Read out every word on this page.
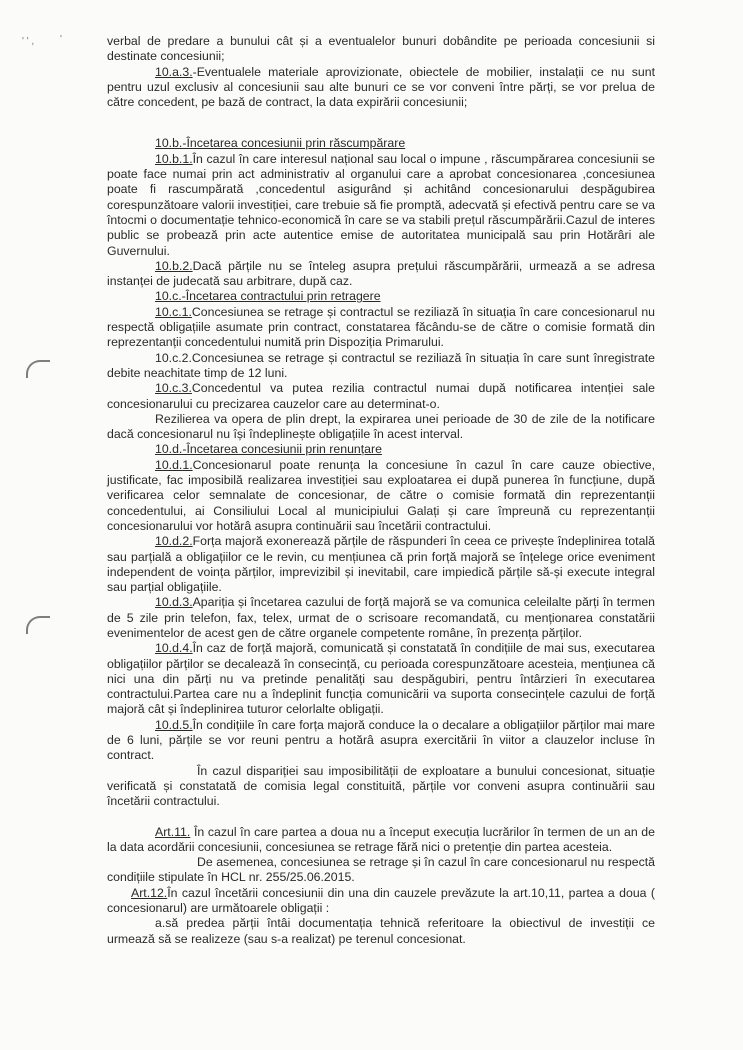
' ' ,	'	verbal de predare a bunului cât și a eventualelor bunuri dobândite pe perioada concesiunii si destinate concesiunii;

10.a.3.-Eventualele materiale aprovizionate, obiectele de mobilier, instalații ce nu sunt pentru uzul exclusiv al concesiunii sau alte bunuri ce se vor conveni între părți, se vor prelua de către concedent, pe bază de contract, la data expirării concesiunii;

10.b.-Încetarea concesiunii prin răscumpărare

10.b.1.În cazul în care interesul național sau local o impune , răscumpărarea concesiunii se poate face numai prin act administrativ al organului care a aprobat concesionarea ,concesiunea poate fi rascumpărată ,concedentul asigurând și achitând concesionarului despăgubirea corespunzătoare valorii investiției, care trebuie să fie promptă, adecvată și efectivă pentru care se va întocmi o documentație tehnico-economică în care se va stabili prețul răscumpărării.Cazul de interes public se probează prin acte autentice emise de autoritatea municipală sau prin Hotărâri ale Guvernului.

10.b.2.Dacă părțile nu se înteleg asupra prețului răscumpărării, urmează a se adresa instanței de judecată sau arbitrare, după caz.

10.c.-Încetarea contractului prin retragere

10.c.1.Concesiunea se retrage și contractul se reziliază în situația în care concesionarul nu respectă obligațiile asumate prin contract, constatarea făcându-se de către o comisie formată din reprezentanții concedentului numită prin Dispoziția Primarului.

10.c.2.Concesiunea se retrage și contractul se reziliază în situația în care sunt înregistrate debite neachitate timp de 12 luni.

10.c.3.Concedentul va putea rezilia contractul numai după notificarea intenției sale concesionarului cu precizarea cauzelor care au determinat-o.

Rezilierea va opera de plin drept, la expirarea unei perioade de 30 de zile de la notificare dacă concesionarul nu își îndeplinește obligațiile în acest interval.

10.d.-Încetarea concesiunii prin renunțare

10.d.1.Concesionarul poate renunța la concesiune în cazul în care cauze obiective, justificate, fac imposibilă realizarea investiției sau exploatarea ei după punerea în funcțiune, după verificarea celor semnalate de concesionar, de către o comisie formată din reprezentanții concedentului, ai Consiliului Local al municipiului Galați și care împreună cu reprezentanții concesionarului vor hotărâ asupra continuării sau încetării contractului.

10.d.2.Forța majoră exonerează părțile de răspunderi în ceea ce privește îndeplinirea totală sau parțială a obligațiilor ce le revin, cu mențiunea că prin forță majoră se înțelege orice eveniment independent de voința părților, imprevizibil și inevitabil, care impiedică părțile să-și execute integral sau parțial obligațiile.

10.d.3.Apariția și încetarea cazului de forță majoră se va comunica celeilalte părți în termen de 5 zile prin telefon, fax, telex, urmat de o scrisoare recomandată, cu menționarea constatării evenimentelor de acest gen de către organele competente române, în prezența părților.

10.d.4.În caz de forță majoră, comunicată și constatată în condițiile de mai sus, executarea obligațiilor părților se decalează în consecință, cu perioada corespunzătoare acesteia, mențiunea că nici una din părți nu va pretinde penalități sau despăgubiri, pentru întârzieri în executarea contractului.Partea care nu a îndeplinit funcția comunicării va suporta consecințele cazului de forță majoră cât și îndeplinirea tuturor celorlalte obligații.

10.d.5.În condițiile în care forța majoră conduce la o decalare a obligațiilor părților mai mare de 6 luni, părțile se vor reuni pentru a hotărâ asupra exercitării în viitor a clauzelor incluse în contract.

În cazul dispariției sau imposibilității de exploatare a bunului concesionat, situație verificată și constatată de comisia legal constituită, părțile vor conveni asupra continuării sau încetării contractului.

Art.11. În cazul în care partea a doua nu a început execuția lucrărilor în termen de un an de la data acordării concesiunii, concesiunea se retrage fără nici o pretenție din partea acesteia.

De asemenea, concesiunea se retrage și în cazul în care concesionarul nu respectă condițiile stipulate în HCL nr. 255/25.06.2015.

Art.12.În cazul încetării concesiunii din una din cauzele prevăzute la art.10,11, partea a doua ( concesionarul) are următoarele obligații :

a.să predea părții întâi documentația tehnică referitoare la obiectivul de investiții ce urmează să se realizeze (sau s-a realizat) pe terenul concesionat.
